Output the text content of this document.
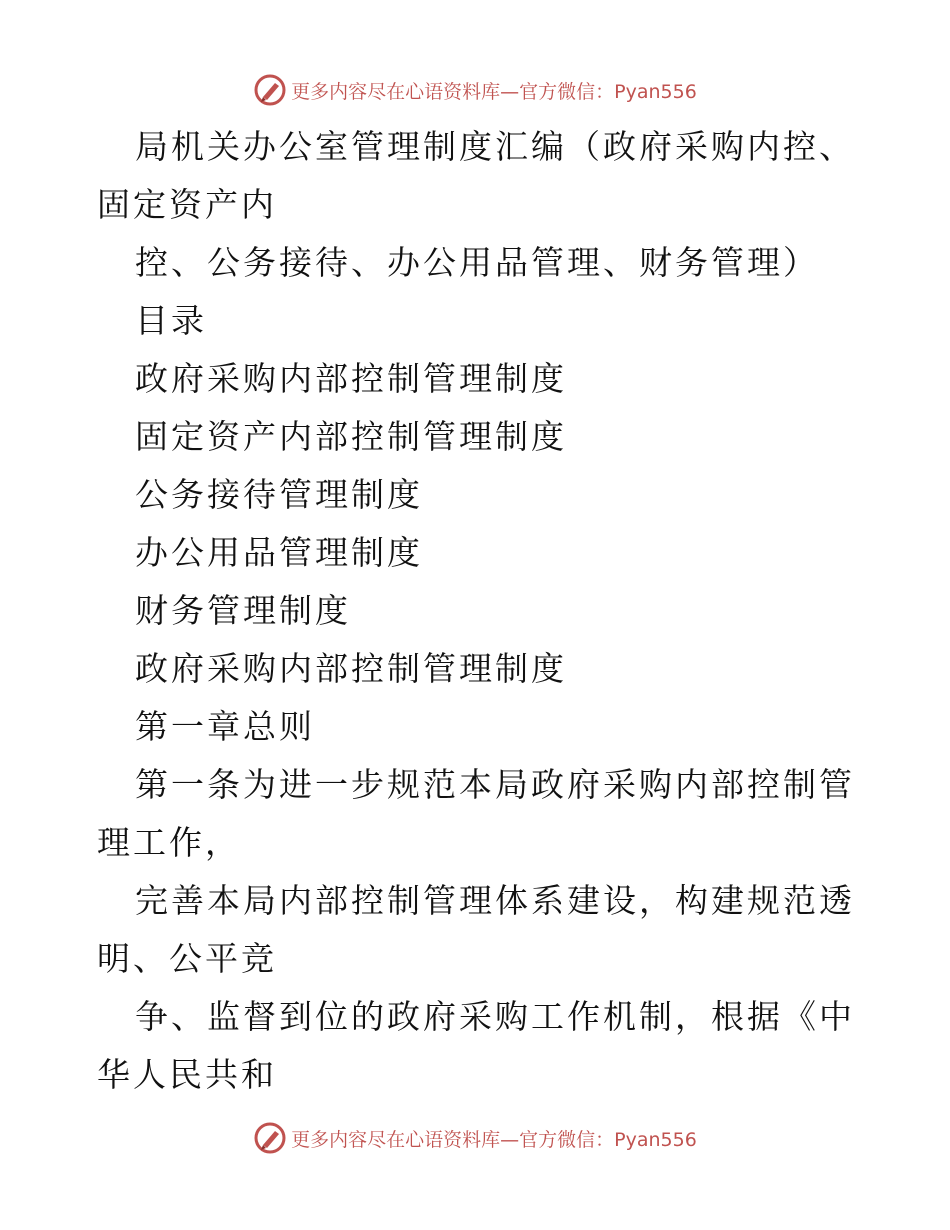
更多内容尽在心语资料库—官方微信：Pyan556

局机关办公室管理制度汇编（政府采购内控、固定资产内

控、公务接待、办公用品管理、财务管理）

目录

政府采购内部控制管理制度

固定资产内部控制管理制度

公务接待管理制度

办公用品管理制度

财务管理制度

政府采购内部控制管理制度

第一章总则

第一条为进一步规范本局政府采购内部控制管理工作，

完善本局内部控制管理体系建设，构建规范透明、公平竞

争、监督到位的政府采购工作机制，根据《中华人民共和

更多内容尽在心语资料库—官方微信：Pyan556
